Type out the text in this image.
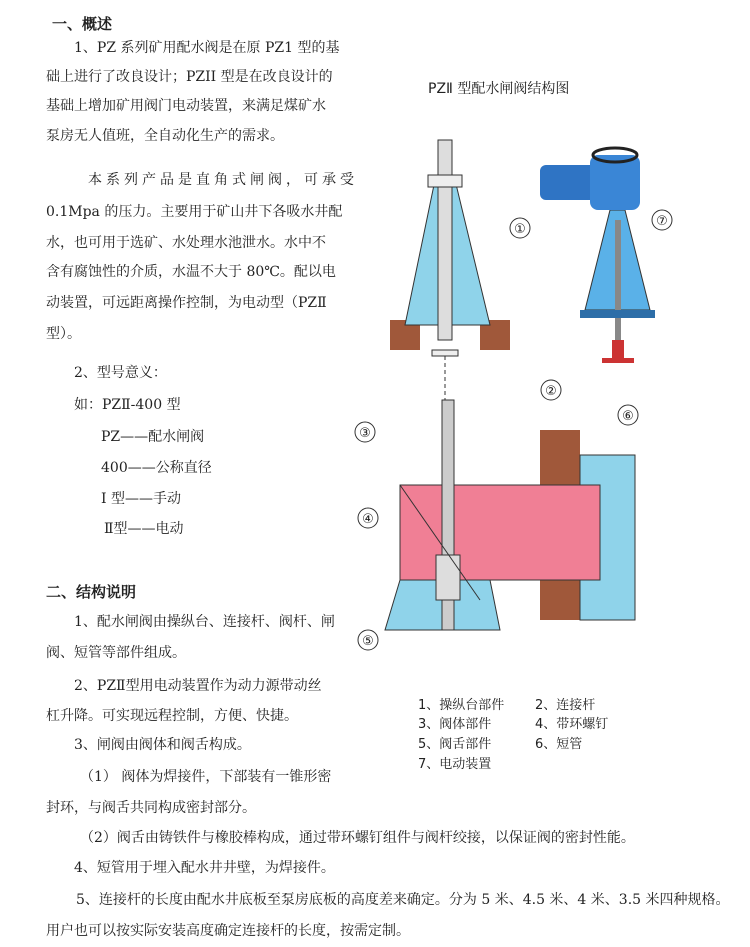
一、概述
1、PZ 系列矿用配水阀是在原 PZ1 型的基
础上进行了改良设计；PZII 型是在改良设计的
基础上增加矿用阀门电动装置，来满足煤矿水
泵房无人值班，全自动化生产的需求。
本系列产品是直角式闸阀，可承受
0.1Mpa 的压力。主要用于矿山井下各吸水井配
水，也可用于选矿、水处理水池泄水。水中不
含有腐蚀性的介质，水温不大于 80℃。配以电
动装置，可远距离操作控制，为电动型（PZⅡ
型）。
2、型号意义：
如：PZⅡ-400 型
PZ——配水闸阀
400——公称直径
I 型——手动
Ⅱ型——电动
二、结构说明
1、配水闸阀由操纵台、连接杆、阀杆、闸
阀、短管等部件组成。
2、PZⅡ型用电动装置作为动力源带动丝
杠升降。可实现远程控制，方便、快捷。
3、闸阀由阀体和阀舌构成。
（1） 阀体为焊接件，下部装有一锥形密
封环，与阀舌共同构成密封部分。
（2）阀舌由铸铁件与橡胶棒构成，通过带环螺钉组件与阀杆绞接，以保证阀的密封性能。
4、短管用于埋入配水井井壁，为焊接件。
5、连接杆的长度由配水井底板至泵房底板的高度差来确定。分为 5 米、4.5 米、4 米、3.5 米四种规格。
用户也可以按实际安装高度确定连接杆的长度，按需定制。
PZⅡ 型配水闸阀结构图
①
②
③
④
⑤
⑥
⑦
1、操纵台部件 2、连接杆
3、阀体部件	4、带环螺钉
5、阀舌部件	6、短管
7、电动装置
